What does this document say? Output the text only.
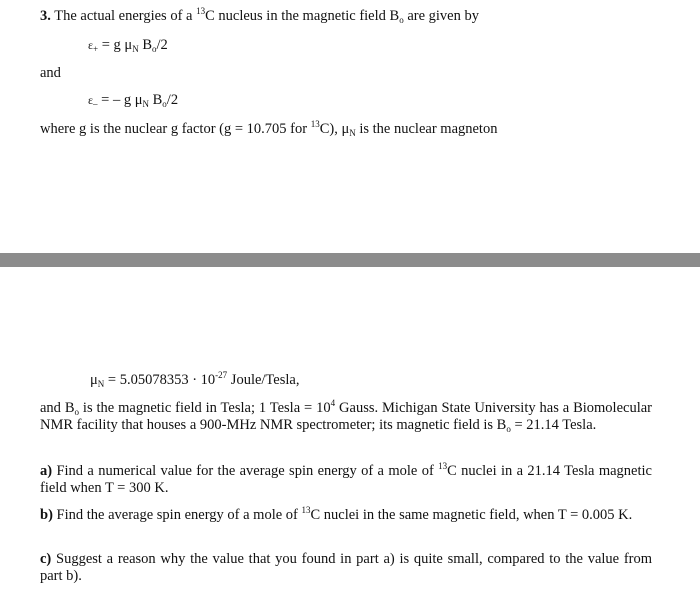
3. The actual energies of a $^{13}$C nucleus in the magnetic field $B_o$ are given by
$\varepsilon_+ = g$ $\mu_N$ $B_o/2$
and
$\varepsilon_-$ = – g $\mu_N$ $B_o/2$
where g is the nuclear g factor (g = 10.705 for $^{13}$C), $\mu_N$ is the nuclear magneton
$\mu_N = 5.05078353 \cdot 10^{-27}$ Joule/Tesla,
and $B_o$ is the magnetic field in Tesla; 1 Tesla = $10^4$ Gauss. Michigan State University has a Biomolecular NMR facility that houses a 900-MHz NMR spectrometer; its magnetic field is $B_o = 21.14$ Tesla.
a) Find a numerical value for the average spin energy of a mole of $^{13}$C nuclei in a 21.14 Tesla magnetic field when T = 300 K.
b) Find the average spin energy of a mole of $^{13}$C nuclei in the same magnetic field, when T = 0.005 K.
c) Suggest a reason why the value that you found in part a) is quite small, compared to the value from part b).
